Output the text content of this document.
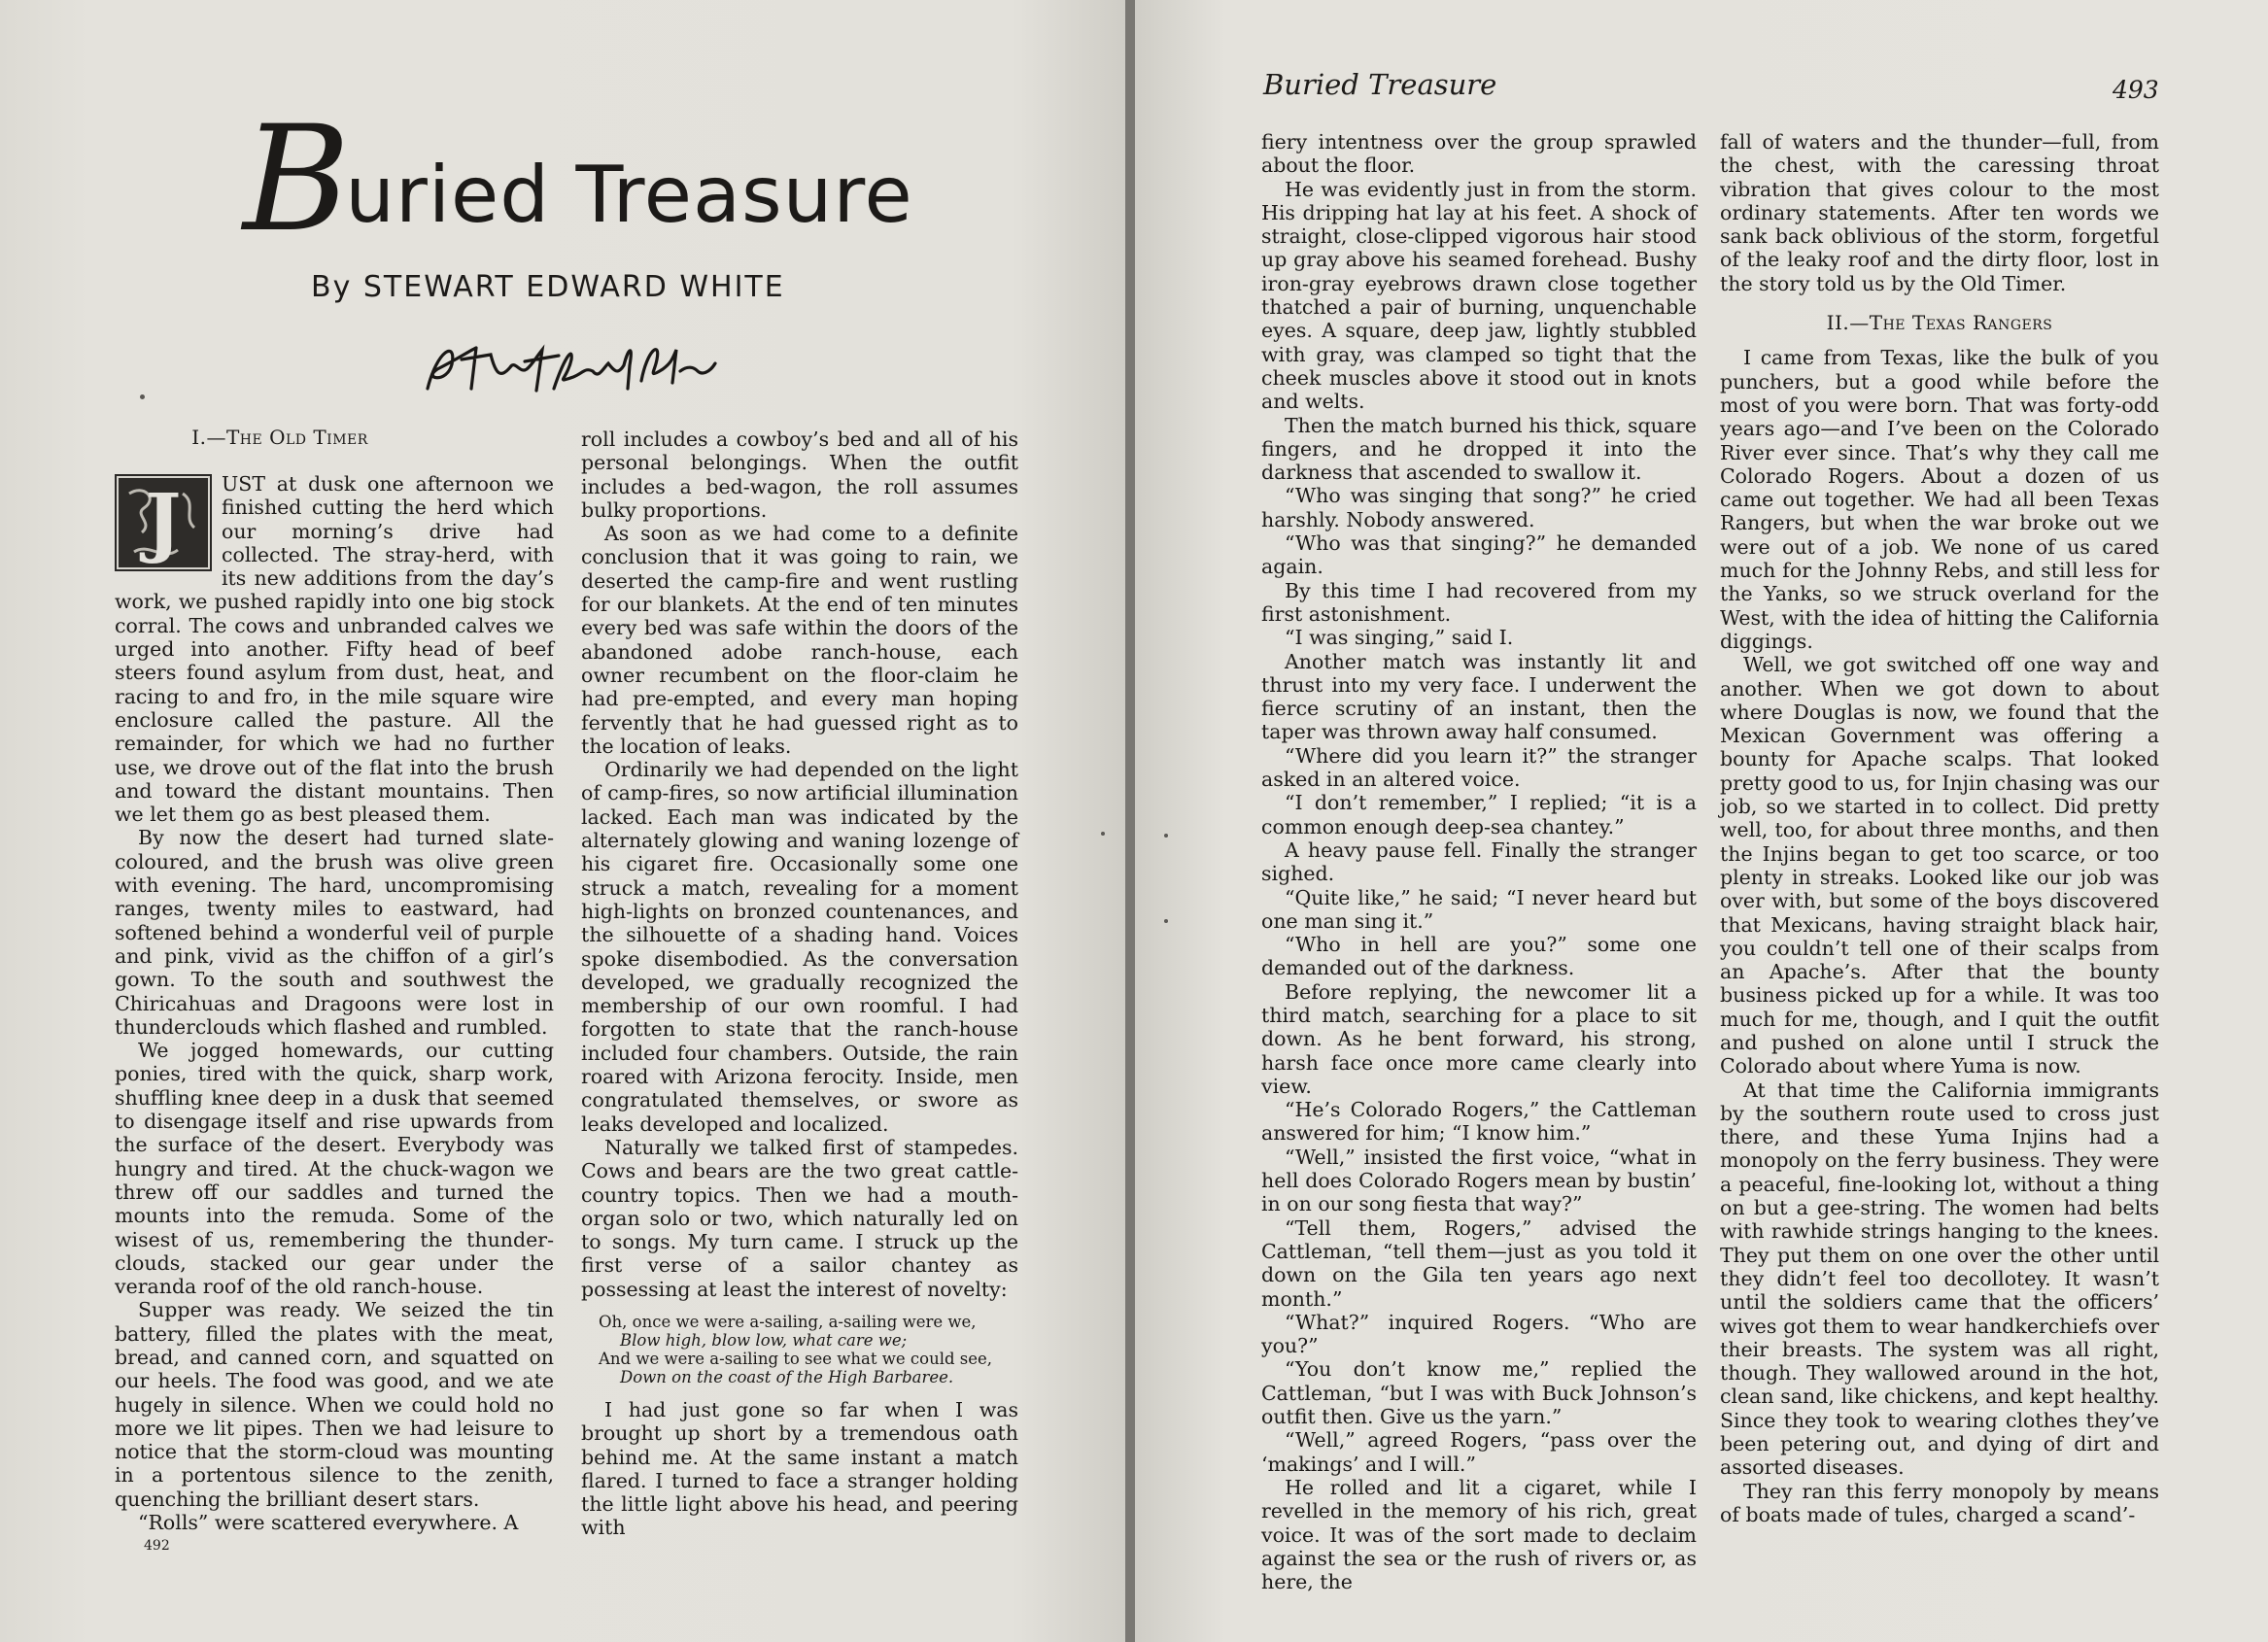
Buried Treasure
By STEWART EDWARD WHITE
I.—The Old Timer
J	UST at dusk one afternoon we finished cutting the herd which our morning’s drive had collected. The stray-herd, with its new additions from the day’s work, we pushed rapidly into one big stock corral. The cows and unbranded calves we urged into another. Fifty head of beef steers found asylum from dust, heat, and racing to and fro, in the mile square wire enclosure called the pasture. All the remainder, for which we had no further use, we drove out of the flat into the brush and toward the distant mountains. Then we let them go as best pleased them.

By now the desert had turned slate-coloured, and the brush was olive green with evening. The hard, uncompromising ranges, twenty miles to eastward, had softened behind a wonderful veil of purple and pink, vivid as the chiffon of a girl’s gown. To the south and southwest the Chiricahuas and Dragoons were lost in thunderclouds which flashed and rumbled.

We jogged homewards, our cutting ponies, tired with the quick, sharp work, shuffling knee deep in a dusk that seemed to disengage itself and rise upwards from the surface of the desert. Everybody was hungry and tired. At the chuck-wagon we threw off our saddles and turned the mounts into the remuda. Some of the wisest of us, remembering the thunder-clouds, stacked our gear under the veranda roof of the old ranch-house.

Supper was ready. We seized the tin battery, filled the plates with the meat, bread, and canned corn, and squatted on our heels. The food was good, and we ate hugely in silence. When we could hold no more we lit pipes. Then we had leisure to notice that the storm-cloud was mounting in a portentous silence to the zenith, quenching the brilliant desert stars.

“Rolls” were scattered everywhere. A

roll includes a cowboy’s bed and all of his personal belongings. When the outfit includes a bed-wagon, the roll assumes bulky proportions.

As soon as we had come to a definite conclusion that it was going to rain, we deserted the camp-fire and went rustling for our blankets. At the end of ten minutes every bed was safe within the doors of the abandoned adobe ranch-house, each owner recumbent on the floor-claim he had pre-empted, and every man hoping fervently that he had guessed right as to the location of leaks.

Ordinarily we had depended on the light of camp-fires, so now artificial illumination lacked. Each man was indicated by the alternately glowing and waning lozenge of his cigaret fire. Occasionally some one struck a match, revealing for a moment high-lights on bronzed countenances, and the silhouette of a shading hand. Voices spoke disembodied. As the conversation developed, we gradually recognized the membership of our own roomful. I had forgotten to state that the ranch-house included four chambers. Outside, the rain roared with Arizona ferocity. Inside, men congratulated themselves, or swore as leaks developed and localized.

Naturally we talked first of stampedes. Cows and bears are the two great cattle-country topics. Then we had a mouth-organ solo or two, which naturally led on to songs. My turn came. I struck up the first verse of a sailor chantey as possessing at least the interest of novelty:

Oh, once we were a-sailing, a-sailing were we,
Blow high, blow low, what care we;
And we were a-sailing to see what we could see,
Down on the coast of the High Barbaree.

I had just gone so far when I was brought up short by a tremendous oath behind me. At the same instant a match flared. I turned to face a stranger holding the little light above his head, and peering with

492
Buried Treasure	493

fiery intentness over the group sprawled about the floor.

He was evidently just in from the storm. His dripping hat lay at his feet. A shock of straight, close-clipped vigorous hair stood up gray above his seamed forehead. Bushy iron-gray eyebrows drawn close together thatched a pair of burning, unquenchable eyes. A square, deep jaw, lightly stubbled with gray, was clamped so tight that the cheek muscles above it stood out in knots and welts.

Then the match burned his thick, square fingers, and he dropped it into the darkness that ascended to swallow it.

“Who was singing that song?” he cried harshly. Nobody answered.

“Who was that singing?” he demanded again.

By this time I had recovered from my first astonishment.

“I was singing,” said I.

Another match was instantly lit and thrust into my very face. I underwent the fierce scrutiny of an instant, then the taper was thrown away half consumed.

“Where did you learn it?” the stranger asked in an altered voice.

“I don’t remember,” I replied; “it is a common enough deep-sea chantey.”

A heavy pause fell. Finally the stranger sighed.

“Quite like,” he said; “I never heard but one man sing it.”

“Who in hell are you?” some one demanded out of the darkness.

Before replying, the newcomer lit a third match, searching for a place to sit down. As he bent forward, his strong, harsh face once more came clearly into view.

“He’s Colorado Rogers,” the Cattleman answered for him; “I know him.”

“Well,” insisted the first voice, “what in hell does Colorado Rogers mean by bustin’ in on our song fiesta that way?”

“Tell them, Rogers,” advised the Cattleman, “tell them—just as you told it down on the Gila ten years ago next month.”

“What?” inquired Rogers. “Who are you?”

“You don’t know me,” replied the Cattleman, “but I was with Buck Johnson’s outfit then. Give us the yarn.”

“Well,” agreed Rogers, “pass over the ‘makings’ and I will.”

He rolled and lit a cigaret, while I revelled in the memory of his rich, great voice. It was of the sort made to declaim against the sea or the rush of rivers or, as here, the

fall of waters and the thunder—full, from the chest, with the caressing throat vibration that gives colour to the most ordinary statements. After ten words we sank back oblivious of the storm, forgetful of the leaky roof and the dirty floor, lost in the story told us by the Old Timer.

II.—The Texas Rangers

I came from Texas, like the bulk of you punchers, but a good while before the most of you were born. That was forty-odd years ago—and I’ve been on the Colorado River ever since. That’s why they call me Colorado Rogers. About a dozen of us came out together. We had all been Texas Rangers, but when the war broke out we were out of a job. We none of us cared much for the Johnny Rebs, and still less for the Yanks, so we struck overland for the West, with the idea of hitting the California diggings.

Well, we got switched off one way and another. When we got down to about where Douglas is now, we found that the Mexican Government was offering a bounty for Apache scalps. That looked pretty good to us, for Injin chasing was our job, so we started in to collect. Did pretty well, too, for about three months, and then the Injins began to get too scarce, or too plenty in streaks. Looked like our job was over with, but some of the boys discovered that Mexicans, having straight black hair, you couldn’t tell one of their scalps from an Apache’s. After that the bounty business picked up for a while. It was too much for me, though, and I quit the outfit and pushed on alone until I struck the Colorado about where Yuma is now.

At that time the California immigrants by the southern route used to cross just there, and these Yuma Injins had a monopoly on the ferry business. They were a peaceful, fine-looking lot, without a thing on but a gee-string. The women had belts with rawhide strings hanging to the knees. They put them on one over the other until they didn’t feel too decollotey. It wasn’t until the soldiers came that the officers’ wives got them to wear handkerchiefs over their breasts. The system was all right, though. They wallowed around in the hot, clean sand, like chickens, and kept healthy. Since they took to wearing clothes they’ve been petering out, and dying of dirt and assorted diseases.

They ran this ferry monopoly by means of boats made of tules, charged a scand’-
